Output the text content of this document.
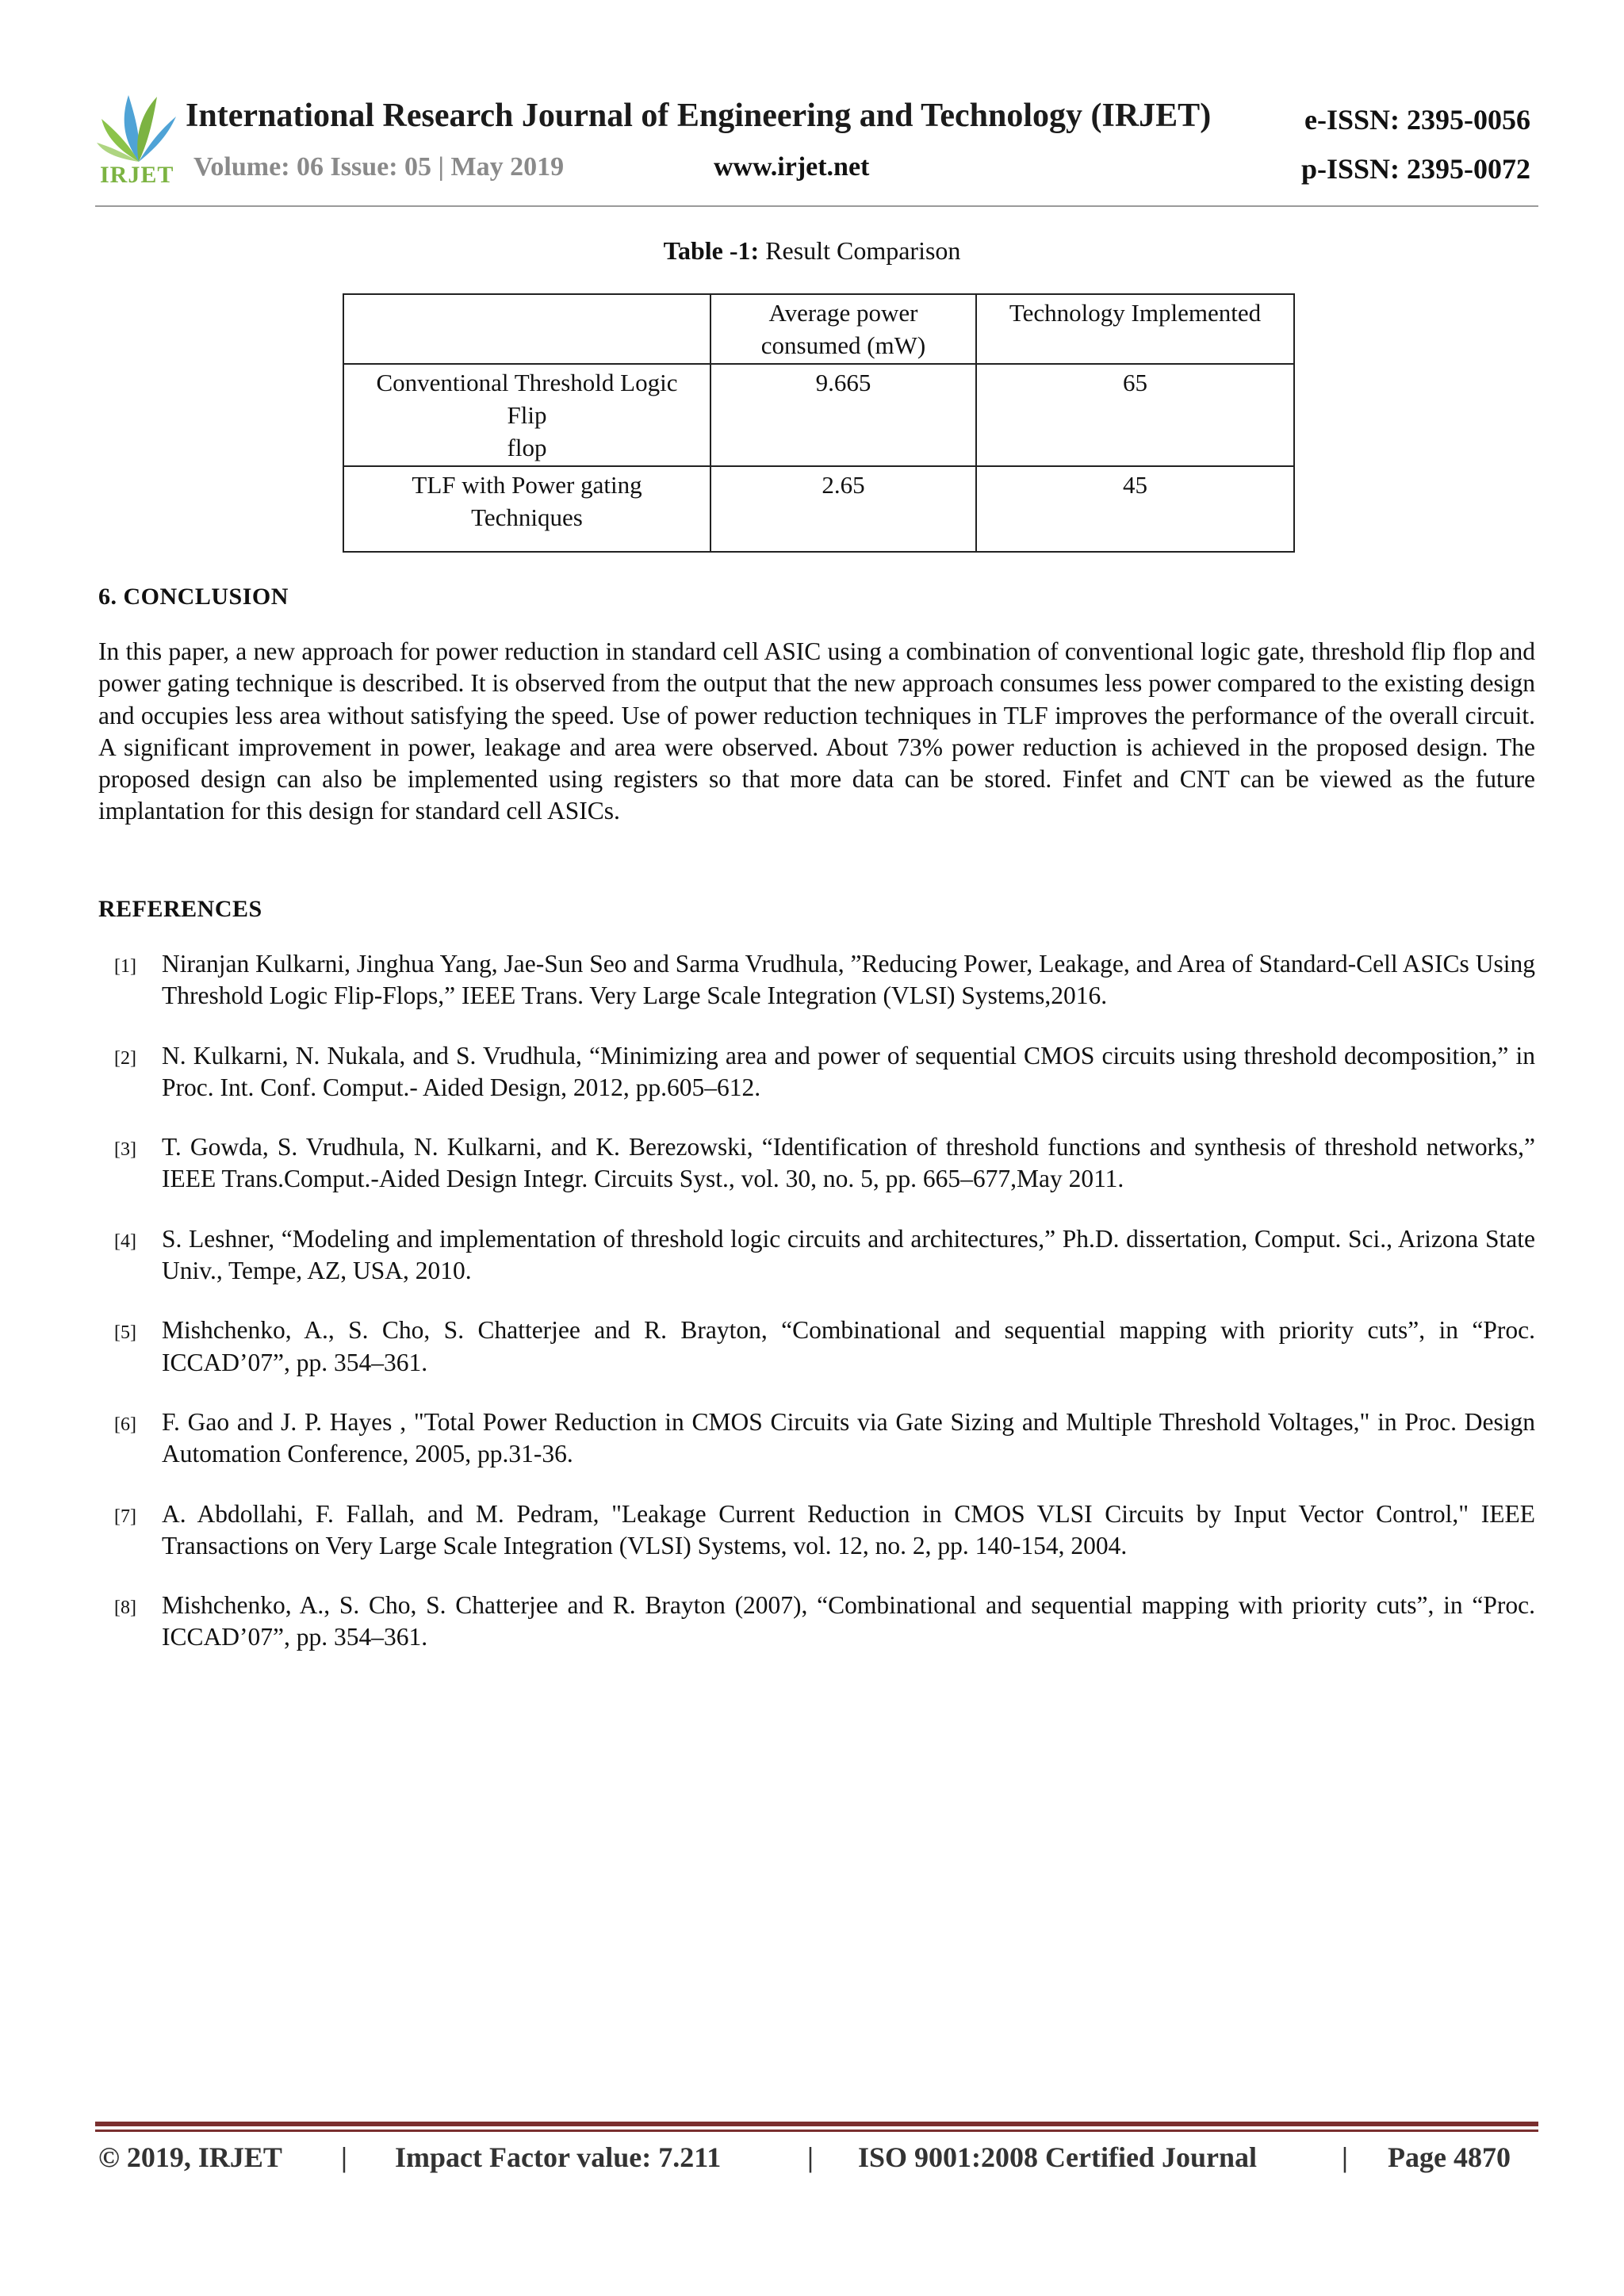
IRJET
International Research Journal of Engineering and Technology (IRJET)	e-ISSN: 2395-0056
Volume: 06 Issue: 05 | May 2019	www.irjet.net	p-ISSN: 2395-0072
Table -1: Result Comparison
	Average power consumed (mW)	Technology Implemented

Conventional Threshold Logic
Flip
flop	9.665	65

TLF with Power gating
Techniques	2.65	45
6. CONCLUSION

In this paper, a new approach for power reduction in standard cell ASIC using a combination of conventional logic gate, threshold flip flop and power gating technique is described. It is observed from the output that the new approach consumes less power compared to the existing design and occupies less area without satisfying the speed. Use of power reduction techniques in TLF improves the performance of the overall circuit. A significant improvement in power, leakage and area were observed. About 73% power reduction is achieved in the proposed design. The proposed design can also be implemented using registers so that more data can be stored. Finfet and CNT can be viewed as the future implantation for this design for standard cell ASICs.

REFERENCES
[1]	Niranjan Kulkarni, Jinghua Yang, Jae-Sun Seo and Sarma Vrudhula, ”Reducing Power, Leakage, and Area of Standard-Cell ASICs Using Threshold Logic Flip-Flops,” IEEE Trans. Very Large Scale Integration (VLSI) Systems,2016.

[2]	N. Kulkarni, N. Nukala, and S. Vrudhula, “Minimizing area and power of sequential CMOS circuits using threshold decomposition,” in Proc. Int. Conf. Comput.- Aided Design, 2012, pp.605–612.

[3]	T. Gowda, S. Vrudhula, N. Kulkarni, and K. Berezowski, “Identification of threshold functions and synthesis of threshold networks,” IEEE Trans.Comput.-Aided Design Integr. Circuits Syst., vol. 30, no. 5, pp. 665–677,May 2011.

[4]	S. Leshner, “Modeling and implementation of threshold logic circuits and architectures,” Ph.D. dissertation, Comput. Sci., Arizona State Univ., Tempe, AZ, USA, 2010.

[5]	Mishchenko, A., S. Cho, S. Chatterjee and R. Brayton, “Combinational and sequential mapping with priority cuts”, in “Proc. ICCAD’07”, pp. 354–361.

[6]	F. Gao and J. P. Hayes , "Total Power Reduction in CMOS Circuits via Gate Sizing and Multiple Threshold Voltages," in Proc. Design Automation Conference, 2005, pp.31-36.

[7]	A. Abdollahi, F. Fallah, and M. Pedram, "Leakage Current Reduction in CMOS VLSI Circuits by Input Vector Control," IEEE Transactions on Very Large Scale Integration (VLSI) Systems, vol. 12, no. 2, pp. 140-154, 2004.

[8]	Mishchenko, A., S. Cho, S. Chatterjee and R. Brayton (2007), “Combinational and sequential mapping with priority cuts”, in “Proc. ICCAD’07”, pp. 354–361.

© 2019, IRJET | Impact Factor value: 7.211	| ISO 9001:2008 Certified Journal	| Page 4870
